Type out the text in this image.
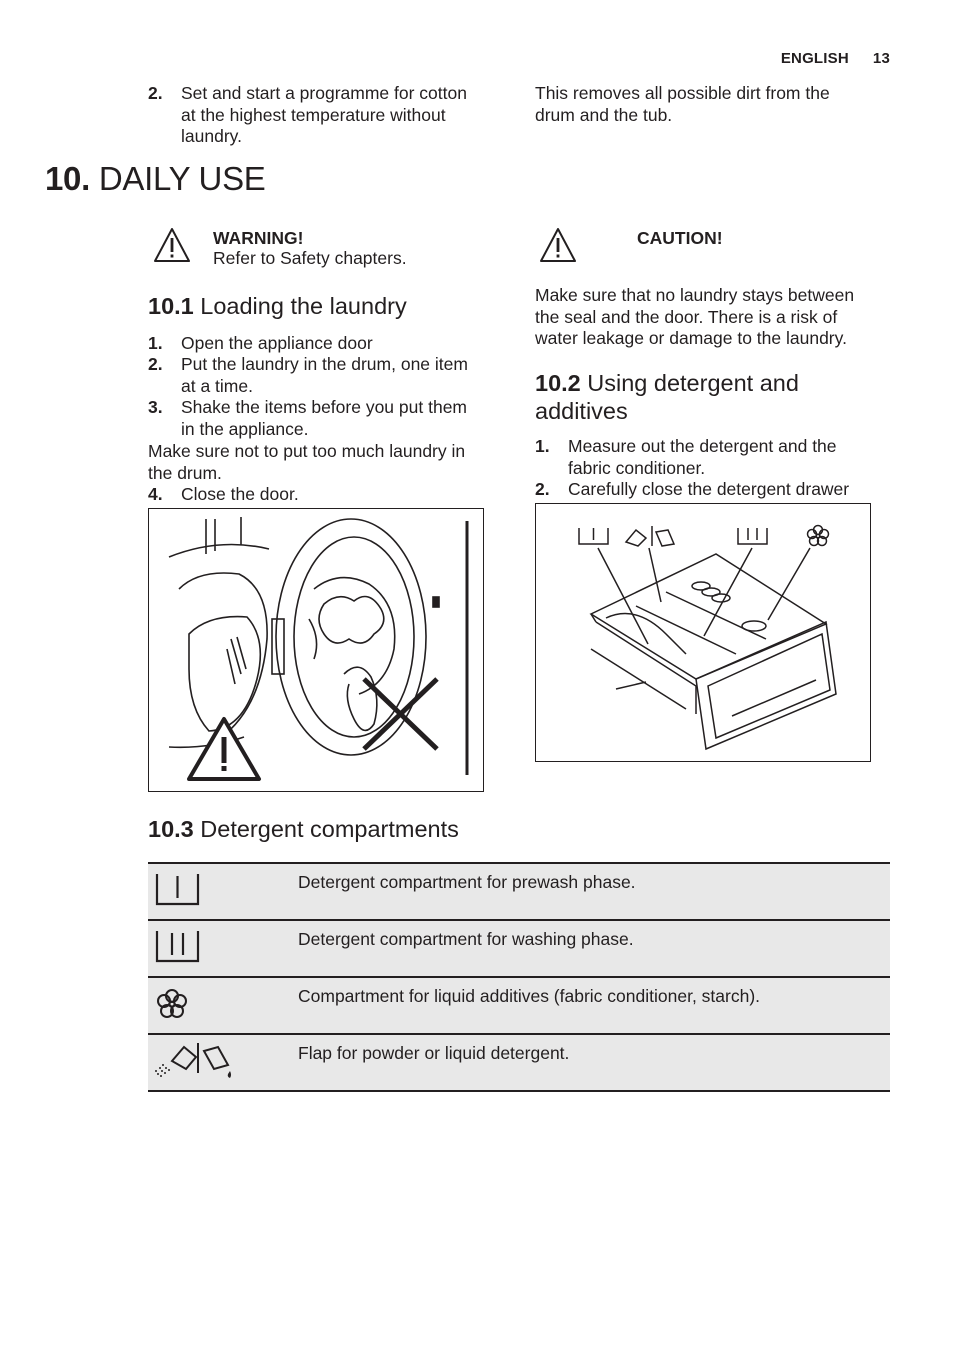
ENGLISH 13
2. Set and start a programme for cotton
at the highest temperature without
laundry.
This removes all possible dirt from the
drum and the tub.
10. DAILY USE
WARNING!
Refer to Safety chapters.
CAUTION!
Make sure that no laundry stays between
the seal and the door. There is a risk of
water leakage or damage to the laundry.
10.1 Loading the laundry
1. Open the appliance door
2. Put the laundry in the drum, one item
at a time.
3. Shake the items before you put them
in the appliance.
Make sure not to put too much laundry in
the drum.
4. Close the door.
10.2 Using detergent and
additives
1. Measure out the detergent and the
fabric conditioner.
2. Carefully close the detergent drawer
10.3 Detergent compartments
	Detergent compartment for prewash phase.
	Detergent compartment for washing phase.
	Compartment for liquid additives (fabric conditioner, starch).
	Flap for powder or liquid detergent.
